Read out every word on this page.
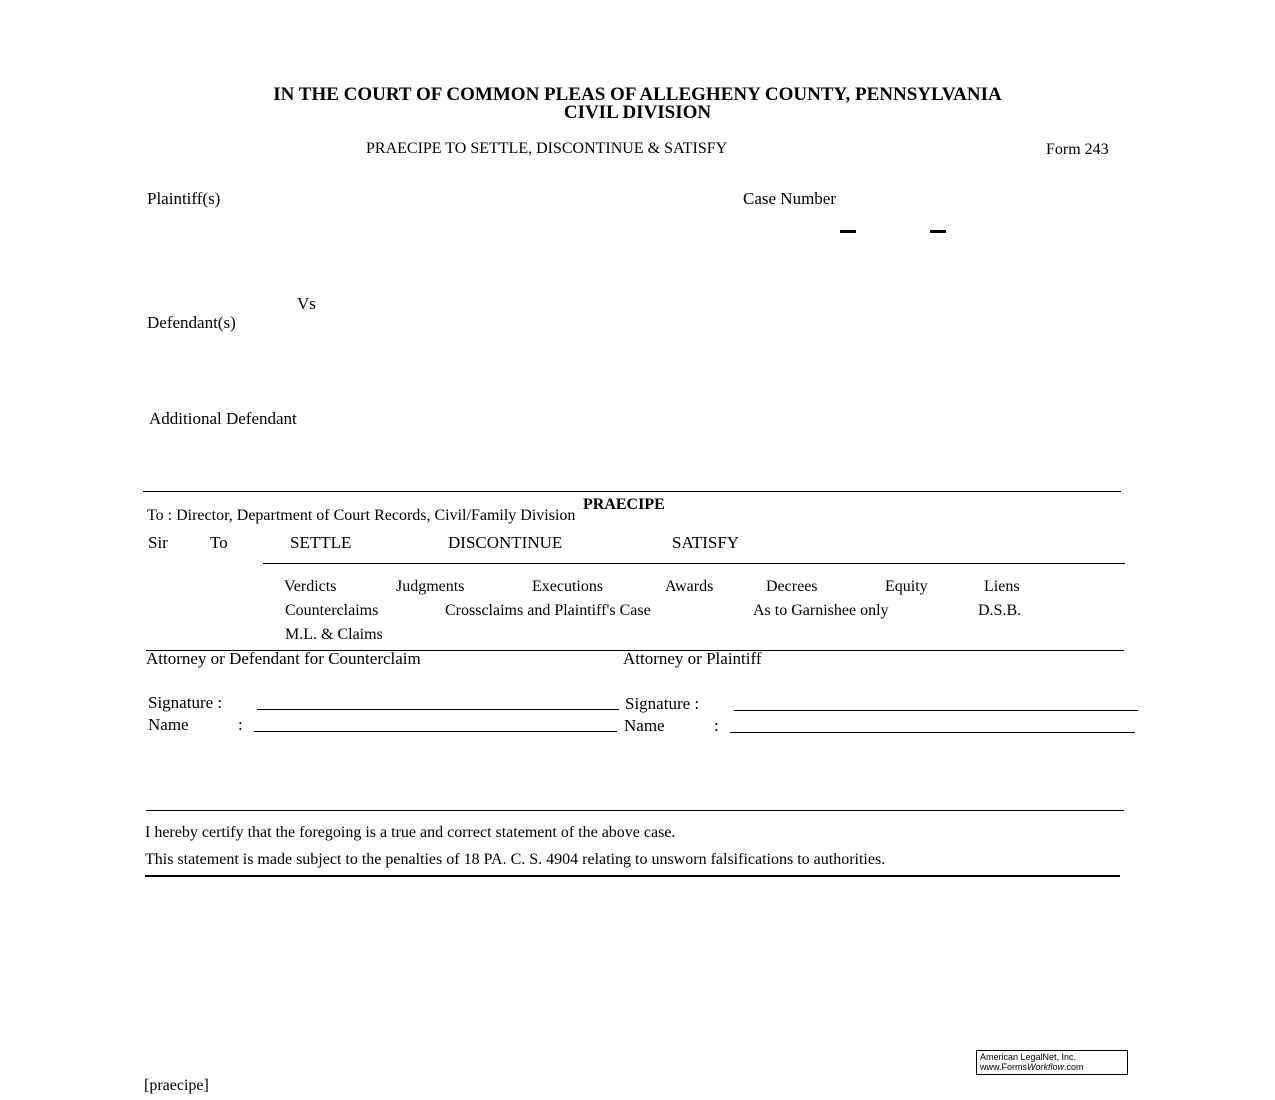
IN THE COURT OF COMMON PLEAS OF ALLEGHENY COUNTY, PENNSYLVANIA
CIVIL DIVISION
PRAECIPE TO SETTLE, DISCONTINUE & SATISFY	Form 243
Plaintiff(s)	Case Number
Vs
Defendant(s)
Additional Defendant
PRAECIPE
To : Director, Department of Court Records, Civil/Family Division
Sir To	SETTLE	DISCONTINUE	SATISFY
Verdicts	Judgments	Executions	Awards	Decrees	Equity	Liens
Counterclaims	Crossclaims and Plaintiff's Case	As to Garnishee only	D.S.B.
M.L. & Claims
Attorney or Defendant for Counterclaim	Attorney or Plaintiff
Signature :	Signature :
Name	:	Name	:
I hereby certify that the foregoing is a true and correct statement of the above case.
This statement is made subject to the penalties of 18 PA. C. S. 4904 relating to unsworn falsifications to authorities.
[praecipe]
American LegalNet, Inc.
www.FormsWorkflow.com
